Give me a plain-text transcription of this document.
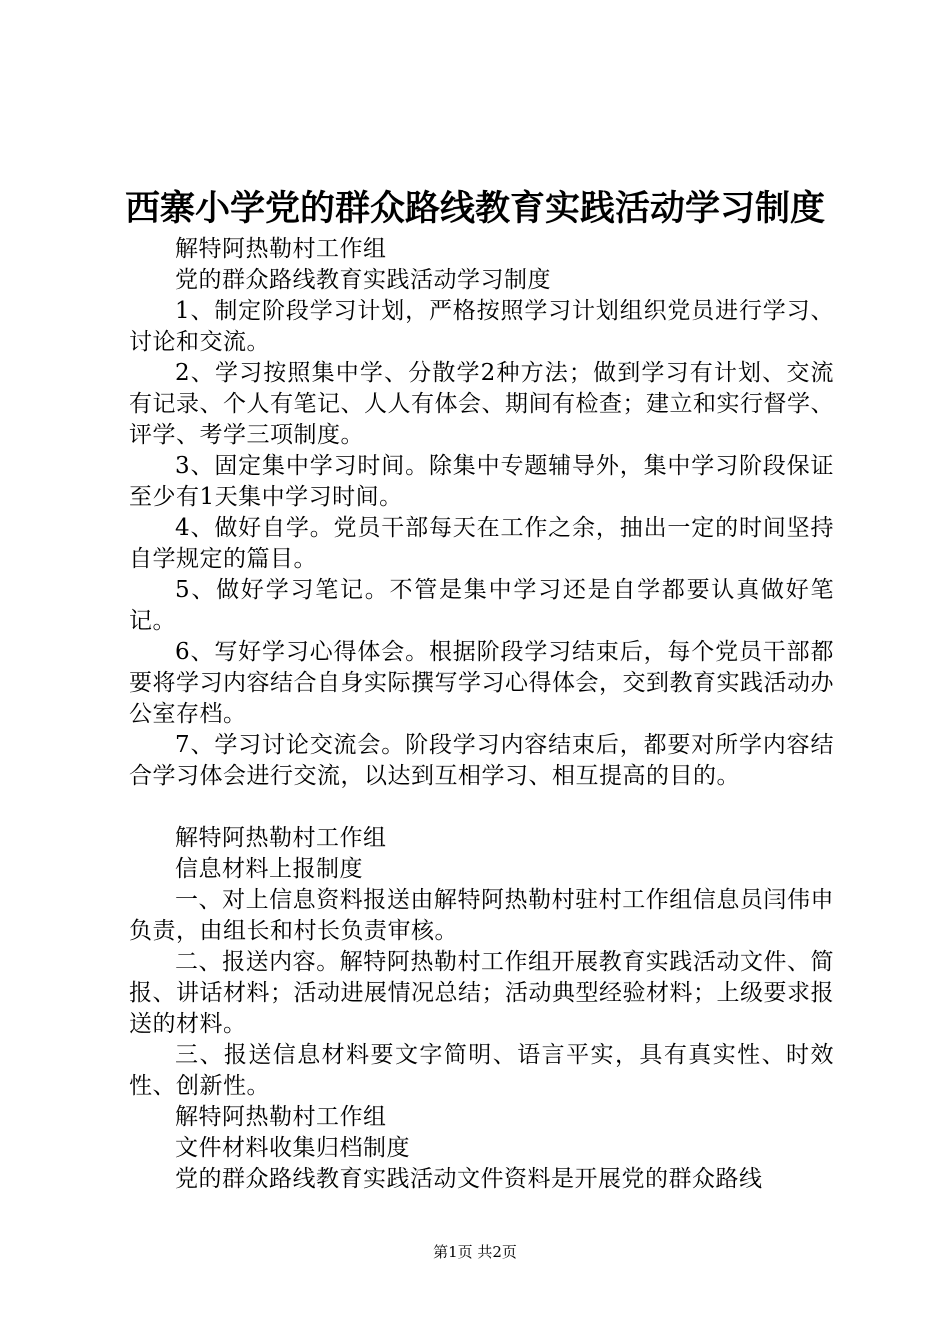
西寨小学党的群众路线教育实践活动学习制度

解特阿热勒村工作组

党的群众路线教育实践活动学习制度

1、制定阶段学习计划，严格按照学习计划组织党员进行学习、讨论和交流。

2、学习按照集中学、分散学2种方法；做到学习有计划、交流有记录、个人有笔记、人人有体会、期间有检查；建立和实行督学、评学、考学三项制度。

3、固定集中学习时间。除集中专题辅导外，集中学习阶段保证至少有1天集中学习时间。

4、做好自学。党员干部每天在工作之余，抽出一定的时间坚持自学规定的篇目。

5、做好学习笔记。不管是集中学习还是自学都要认真做好笔记。

6、写好学习心得体会。根据阶段学习结束后，每个党员干部都要将学习内容结合自身实际撰写学习心得体会，交到教育实践活动办公室存档。

7、学习讨论交流会。阶段学习内容结束后，都要对所学内容结合学习体会进行交流，以达到互相学习、相互提高的目的。

解特阿热勒村工作组

信息材料上报制度

一、对上信息资料报送由解特阿热勒村驻村工作组信息员闫伟申负责，由组长和村长负责审核。

二、报送内容。解特阿热勒村工作组开展教育实践活动文件、简报、讲话材料；活动进展情况总结；活动典型经验材料；上级要求报送的材料。

三、报送信息材料要文字简明、语言平实，具有真实性、时效性、创新性。

解特阿热勒村工作组

文件材料收集归档制度

党的群众路线教育实践活动文件资料是开展党的群众路线

第1页 共2页
